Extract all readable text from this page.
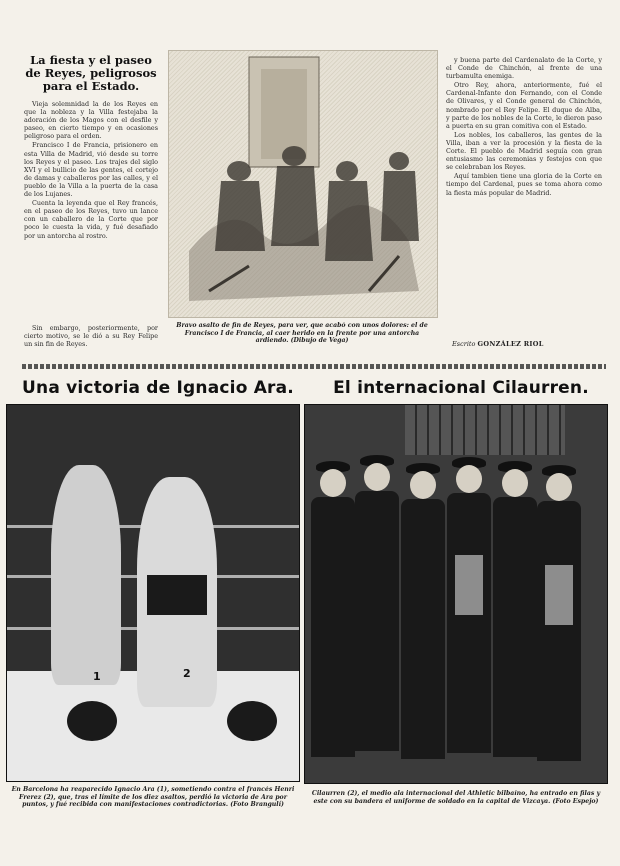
La fiesta y el paseo
de Reyes, peligrosos
para el Estado.

Vieja solemnidad la de los Reyes en que la nobleza y la Villa festejaba la adoración de los Magos con el desfile y paseo, en cierto tiempo y en ocasiones peligroso para el orden.

Francisco I de Francia, prisionero en esta Villa de Madrid, vió desde su torre los Reyes y el paseo. Los trajes del siglo XVI y el bullicio de las gentes, el cortejo de damas y caballeros por las calles, y el pueblo de la Villa a la puerta de la casa de los Lujanes.

Cuenta la leyenda que el Rey francés, en el paseo de los Reyes, tuvo un lance con un caballero de la Corte que por poco le cuesta la vida, y fué desafiado por un antorcha al rostro.

Sin embargo, posteriormente, por cierto motivo, se le dió a su Rey Felipe un sin fin de Reyes.

Bravo asalto de fin de Reyes, para ver, que acabó con unos dolores: el de Francisco I de Francia, al caer herido en la frente por una antorcha ardiendo. (Dibujo de Vega)

y buena parte del Cardenalato de la Corte, y el Conde de Chinchón, al frente de una turbamulta enemiga.

Otro Rey, ahora, anteriormente, fué el Cardenal-Infante don Fernando, con el Conde de Olivares, y el Conde general de Chinchón, nombrado por el Rey Felipe. El duque de Alba, y parte de los nobles de la Corte, le dieron paso a puerta en su gran comitiva con el Estado.

Los nobles, los caballeros, las gentes de la Villa, iban a ver la procesión y la fiesta de la Corte. El pueblo de Madrid seguía con gran entusiasmo las ceremonias y festejos con que se celebraban los Reyes.

Aquí tambien tiene una gloria de la Corte en tiempo del Cardenal, pues se toma ahora como la fiesta más popular de Madrid.

Escrito GONZÁLEZ RIOL
Una victoria de Ignacio Ara.	El internacional Cilaurren.
1	2
En Barcelona ha reaparecido Ignacio Ara (1), sometiendo contra el francés Henri Frerez (2), que, tras el límite de los diez asaltos, perdió la victoria de Ara por puntos, y fué recibida con manifestaciones contradictorias. (Foto Brangulí)
Cilaurren (2), el medio ala internacional del Athletic bilbaíno, ha entrado en filas y este con su bandera el uniforme de soldado en la capital de Vizcaya. (Foto Espejo)
